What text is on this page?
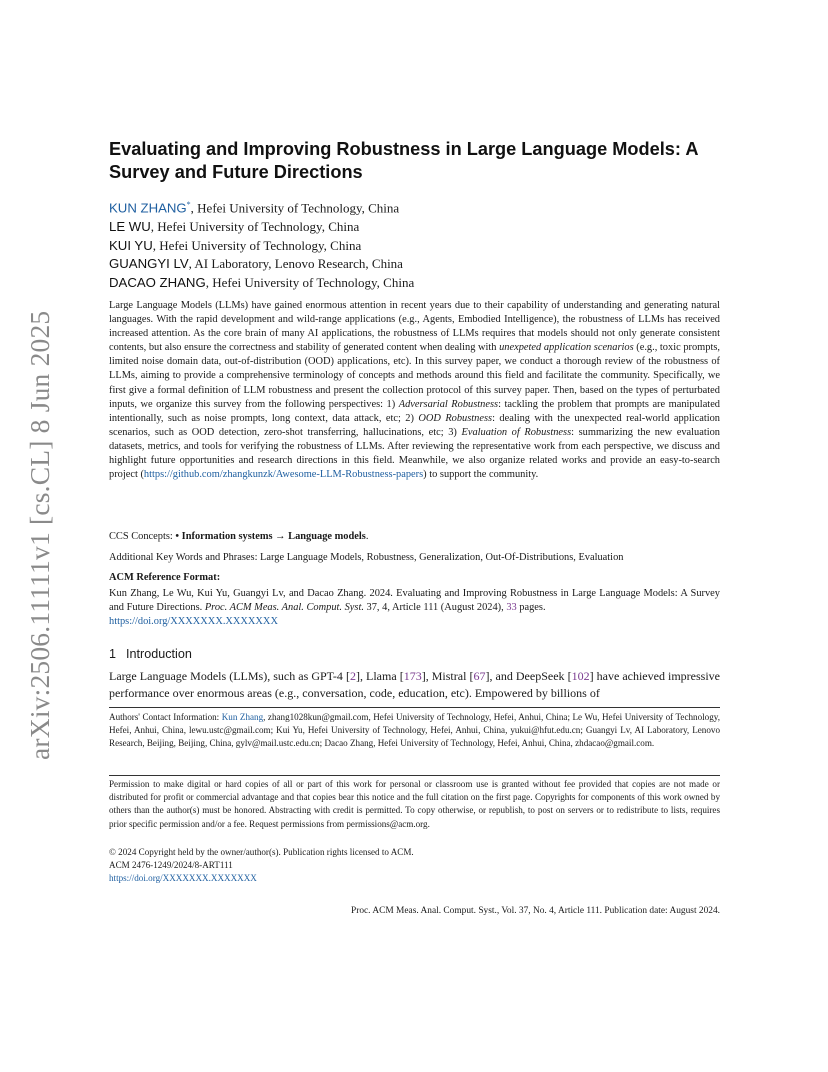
arXiv:2506.11111v1 [cs.CL] 8 Jun 2025
Evaluating and Improving Robustness in Large Language Models: A Survey and Future Directions
KUN ZHANG*, Hefei University of Technology, China
LE WU, Hefei University of Technology, China
KUI YU, Hefei University of Technology, China
GUANGYI LV, AI Laboratory, Lenovo Research, China
DACAO ZHANG, Hefei University of Technology, China

Large Language Models (LLMs) have gained enormous attention in recent years due to their capability of understanding and generating natural languages. With the rapid development and wild-range applications (e.g., Agents, Embodied Intelligence), the robustness of LLMs has received increased attention. As the core brain of many AI applications, the robustness of LLMs requires that models should not only generate consistent contents, but also ensure the correctness and stability of generated content when dealing with unexpeted application scenarios (e.g., toxic prompts, limited noise domain data, out-of-distribution (OOD) applications, etc). In this survey paper, we conduct a thorough review of the robustness of LLMs, aiming to provide a comprehensive terminology of concepts and methods around this field and facilitate the community. Specifically, we first give a formal definition of LLM robustness and present the collection protocol of this survey paper. Then, based on the types of perturbated inputs, we organize this survey from the following perspectives: 1) Adversarial Robustness: tackling the problem that prompts are manipulated intentionally, such as noise prompts, long context, data attack, etc; 2) OOD Robustness: dealing with the unexpected real-world application scenarios, such as OOD detection, zero-shot transferring, hallucinations, etc; 3) Evaluation of Robustness: summarizing the new evaluation datasets, metrics, and tools for verifying the robustness of LLMs. After reviewing the representative work from each perspective, we discuss and highlight future opportunities and research directions in this field. Meanwhile, we also organize related works and provide an easy-to-search project (https://github.com/zhangkunzk/Awesome-LLM-Robustness-papers) to support the community.

CCS Concepts: • Information systems → Language models.
Additional Key Words and Phrases: Large Language Models, Robustness, Generalization, Out-Of-Distributions, Evaluation
ACM Reference Format:

Kun Zhang, Le Wu, Kui Yu, Guangyi Lv, and Dacao Zhang. 2024. Evaluating and Improving Robustness in Large Language Models: A Survey and Future Directions. Proc. ACM Meas. Anal. Comput. Syst. 37, 4, Article 111 (August 2024), 33 pages.
https://doi.org/XXXXXXX.XXXXXXX

1 Introduction

Large Language Models (LLMs), such as GPT-4 [2], Llama [173], Mistral [67], and DeepSeek [102] have achieved impressive performance over enormous areas (e.g., conversation, code, education, etc). Empowered by billions of

Authors' Contact Information: Kun Zhang, zhang1028kun@gmail.com, Hefei University of Technology, Hefei, Anhui, China; Le Wu, Hefei University of Technology, Hefei, Anhui, China, lewu.ustc@gmail.com; Kui Yu, Hefei University of Technology, Hefei, Anhui, China, yukui@hfut.edu.cn; Guangyi Lv, AI Laboratory, Lenovo Research, Beijing, Beijing, China, gylv@mail.ustc.edu.cn; Dacao Zhang, Hefei University of Technology, Hefei, Anhui, China, zhdacao@gmail.com.

Permission to make digital or hard copies of all or part of this work for personal or classroom use is granted without fee provided that copies are not made or distributed for profit or commercial advantage and that copies bear this notice and the full citation on the first page. Copyrights for components of this work owned by others than the author(s) must be honored. Abstracting with credit is permitted. To copy otherwise, or republish, to post on servers or to redistribute to lists, requires prior specific permission and/or a fee. Request permissions from permissions@acm.org.

© 2024 Copyright held by the owner/author(s). Publication rights licensed to ACM.
ACM 2476-1249/2024/8-ART111
https://doi.org/XXXXXXX.XXXXXXX
Proc. ACM Meas. Anal. Comput. Syst., Vol. 37, No. 4, Article 111. Publication date: August 2024.
